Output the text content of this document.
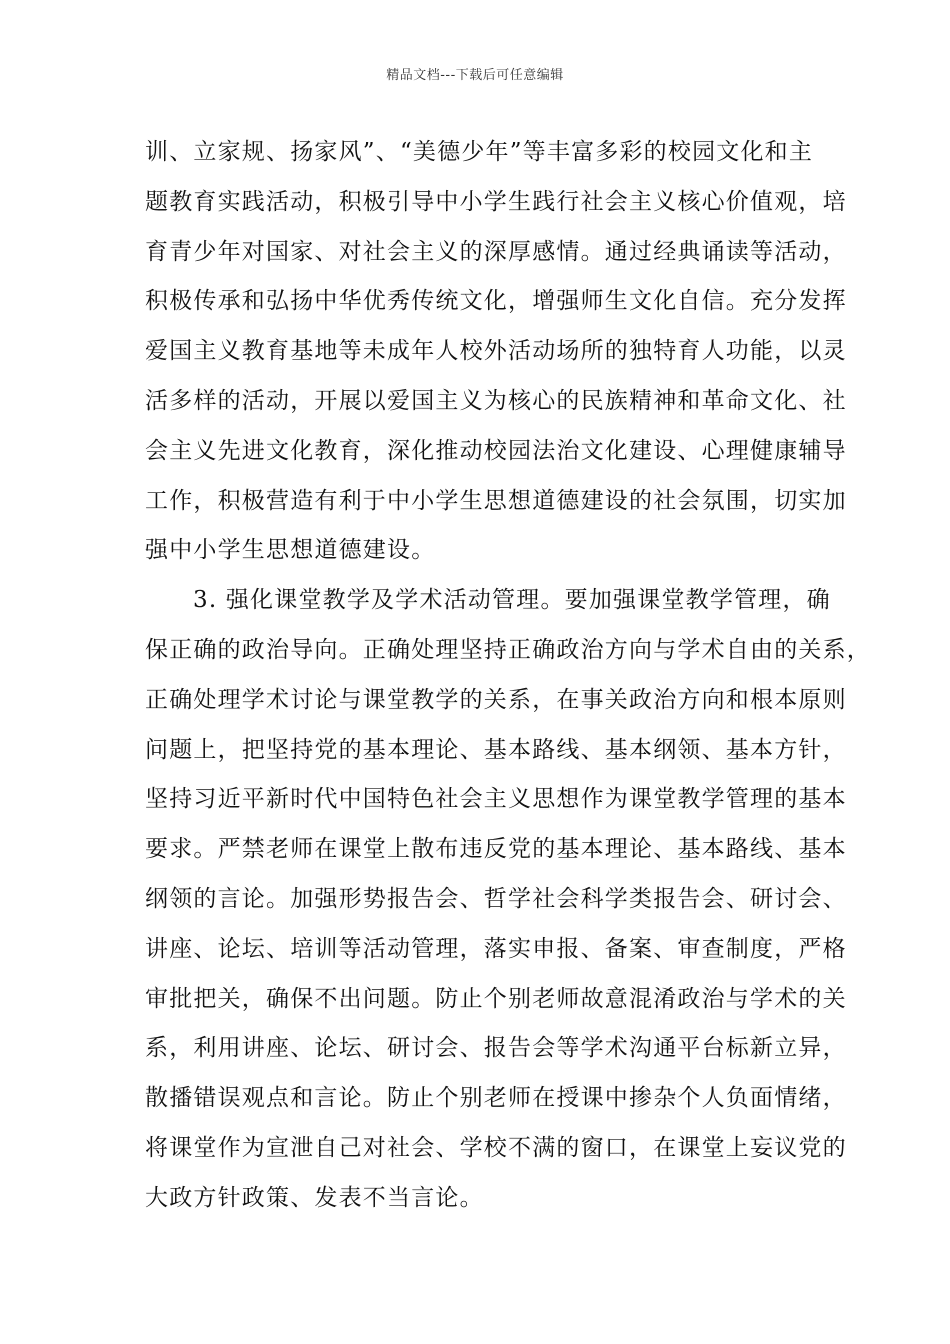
精品文档---下载后可任意编辑
训、立家规、扬家风”、“美德少年”等丰富多彩的校园文化和主
题教育实践活动，积极引导中小学生践行社会主义核心价值观，培
育青少年对国家、对社会主义的深厚感情。通过经典诵读等活动，
积极传承和弘扬中华优秀传统文化，增强师生文化自信。充分发挥
爱国主义教育基地等未成年人校外活动场所的独特育人功能，以灵
活多样的活动，开展以爱国主义为核心的民族精神和革命文化、社
会主义先进文化教育，深化推动校园法治文化建设、心理健康辅导
工作，积极营造有利于中小学生思想道德建设的社会氛围，切实加
强中小学生思想道德建设。
3. 强化课堂教学及学术活动管理。要加强课堂教学管理，确
保正确的政治导向。正确处理坚持正确政治方向与学术自由的关系，
正确处理学术讨论与课堂教学的关系，在事关政治方向和根本原则
问题上，把坚持党的基本理论、基本路线、基本纲领、基本方针，
坚持习近平新时代中国特色社会主义思想作为课堂教学管理的基本
要求。严禁老师在课堂上散布违反党的基本理论、基本路线、基本
纲领的言论。加强形势报告会、哲学社会科学类报告会、研讨会、
讲座、论坛、培训等活动管理，落实申报、备案、审查制度，严格
审批把关，确保不出问题。防止个别老师故意混淆政治与学术的关
系，利用讲座、论坛、研讨会、报告会等学术沟通平台标新立异，
散播错误观点和言论。防止个别老师在授课中掺杂个人负面情绪，
将课堂作为宣泄自己对社会、学校不满的窗口，在课堂上妄议党的
大政方针政策、发表不当言论。
